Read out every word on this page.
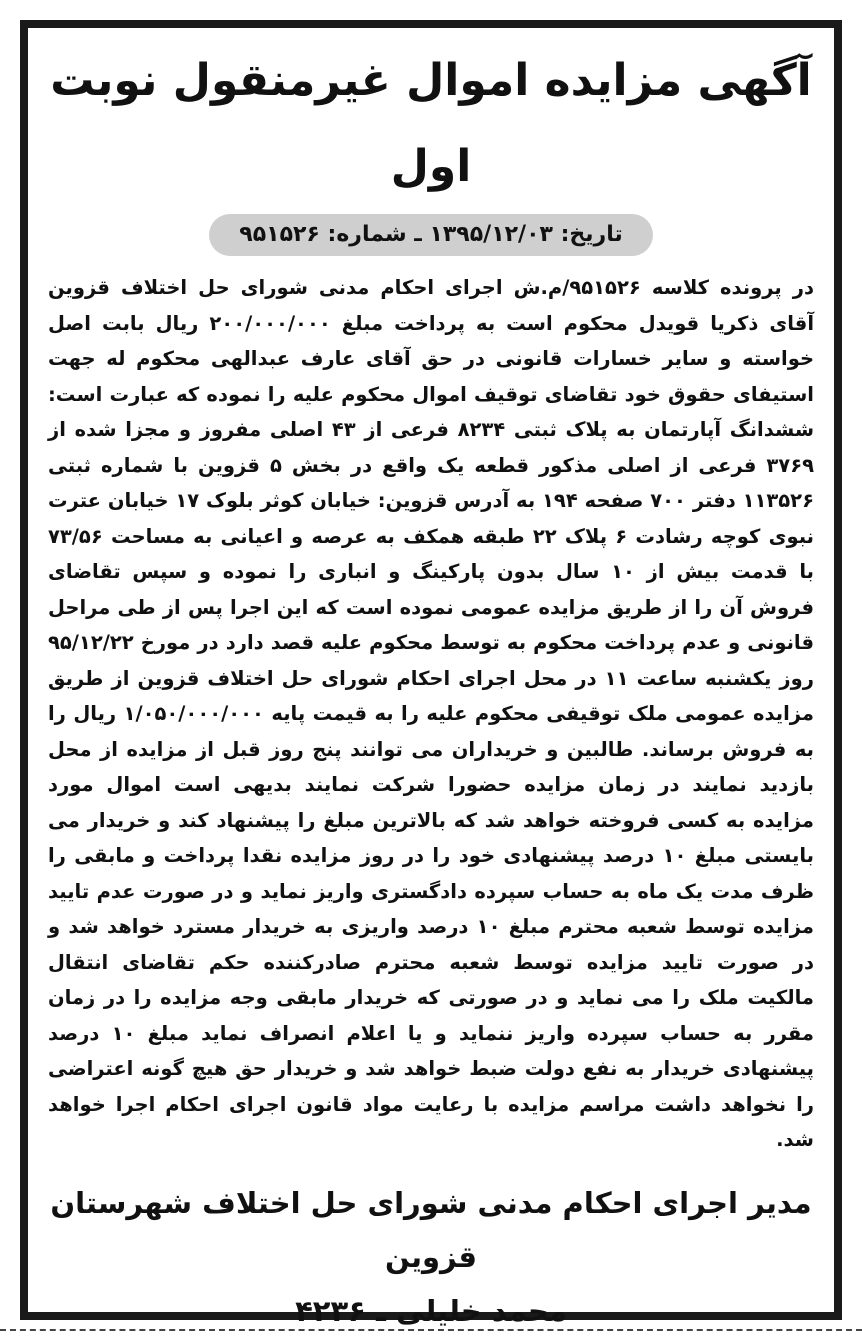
آگهی مزایده اموال غیرمنقول نوبت اول
تاریخ: ۱۳۹۵/۱۲/۰۳ ـ شماره: ۹۵۱۵۲۶

در پرونده کلاسه ۹۵۱۵۲۶/م.ش اجرای احکام مدنی شورای حل اختلاف قزوین آقای ذکریا قویدل محکوم است به پرداخت مبلغ ۲۰۰/۰۰۰/۰۰۰ ریال بابت اصل خواسته و سایر خسارات قانونی در حق آقای عارف عبدالهی محکوم له جهت استیفای حقوق خود تقاضای توقیف اموال محکوم علیه را نموده که عبارت است: ششدانگ آپارتمان به پلاک ثبتی ۸۲۳۴ فرعی از ۴۳ اصلی مفروز و مجزا شده از ۳۷۶۹ فرعی از اصلی مذکور قطعه یک واقع در بخش ۵ قزوین با شماره ثبتی ۱۱۳۵۲۶ دفتر ۷۰۰ صفحه ۱۹۴ به آدرس قزوین: خیابان کوثر بلوک ۱۷ خیابان عترت نبوی کوچه رشادت ۶ پلاک ۲۲ طبقه همکف به عرصه و اعیانی به مساحت ۷۳/۵۶ با قدمت بیش از ۱۰ سال بدون پارکینگ و انباری را نموده و سپس تقاضای فروش آن را از طریق مزایده عمومی نموده است که این اجرا پس از طی مراحل قانونی و عدم پرداخت محکوم به توسط محکوم علیه قصد دارد در مورخ ۹۵/۱۲/۲۲ روز یکشنبه ساعت ۱۱ در محل اجرای احکام شورای حل اختلاف قزوین از طریق مزایده عمومی ملک توقیفی محکوم علیه را به قیمت پایه ۱/۰۵۰/۰۰۰/۰۰۰ ریال را به فروش برساند. طالبین و خریداران می توانند پنج روز قبل از مزایده از محل بازدید نمایند در زمان مزایده حضورا شرکت نمایند بدیهی است اموال مورد مزایده به کسی فروخته خواهد شد که بالاترین مبلغ را پیشنهاد کند و خریدار می بایستی مبلغ ۱۰ درصد پیشنهادی خود را در روز مزایده نقدا پرداخت و مابقی را ظرف مدت یک ماه به حساب سپرده دادگستری واریز نماید و در صورت عدم تایید مزایده توسط شعبه محترم مبلغ ۱۰ درصد واریزی به خریدار مسترد خواهد شد و در صورت تایید مزایده توسط شعبه محترم صادرکننده حکم تقاضای انتقال مالکیت ملک را می نماید و در صورتی که خریدار مابقی وجه مزایده را در زمان مقرر به حساب سپرده واریز ننماید و یا اعلام انصراف نماید مبلغ ۱۰ درصد پیشنهادی خریدار به نفع دولت ضبط خواهد شد و خریدار حق هیچ گونه اعتراضی را نخواهد داشت مراسم مزایده با رعایت مواد قانون اجرای احکام اجرا خواهد شد.

مدیر اجرای احکام مدنی شورای حل اختلاف شهرستان قزوین
محمد خلیلی ـ ۴۲۳۶
